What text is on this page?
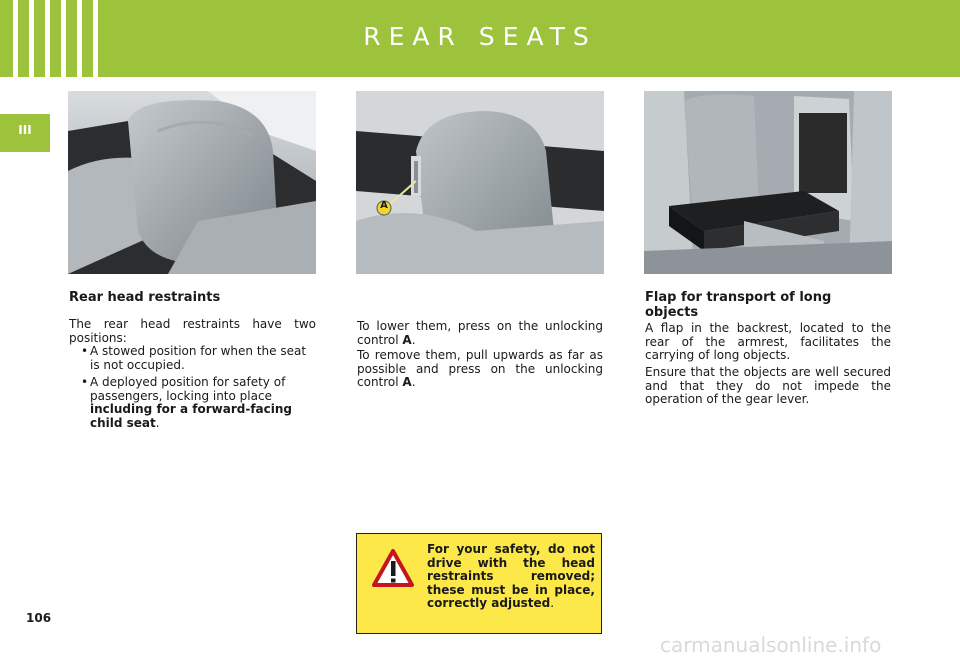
REAR SEATS
III
A
Rear head restraints
The rear head restraints have two positions:
• A stowed position for when the seat is not occupied.
• A deployed position for safety of passengers, locking into place including for a forward-facing child seat.
To lower them, press on the unlocking control A.
To remove them, pull upwards as far as possible and press on the unlocking control A.
Flap for transport of long objects
A flap in the backrest, located to the rear of the armrest, facilitates the carrying of long objects.
Ensure that the objects are well secured and that they do not impede the operation of the gear lever.
For your safety, do not drive with the head restraints removed; these must be in place, correctly adjusted.
106
carmanualsonline.info
